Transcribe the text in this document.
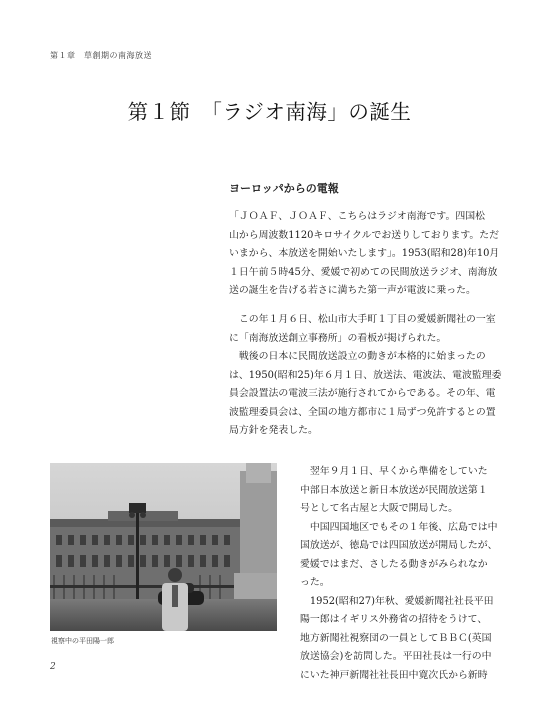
第１章　草創期の南海放送
第１節　「ラジオ南海」の誕生
ヨーロッパからの電報
「ＪＯＡＦ、ＪＯＡＦ、こちらはラジオ南海です。四国松
山から周波数1120キロサイクルでお送りしております。ただ
いまから、本放送を開始いたします」。1953(昭和28)年10月
１日午前５時45分、愛媛で初めての民間放送ラジオ、南海放
送の誕生を告げる若さに満ちた第一声が電波に乗った。
　この年１月６日、松山市大手町１丁目の愛媛新聞社の一室
に「南海放送創立事務所」の看板が掲げられた。
　戦後の日本に民間放送設立の動きが本格的に始まったの
は、1950(昭和25)年６月１日、放送法、電波法、電波監理委
員会設置法の電波三法が施行されてからである。その年、電
波監理委員会は、全国の地方都市に１局ずつ免許するとの置
局方針を発表した。
　翌年９月１日、早くから準備をしていた
中部日本放送と新日本放送が民間放送第１
号として名古屋と大阪で開局した。
　中国四国地区でもその１年後、広島では中
国放送が、徳島では四国放送が開局したが、
愛媛ではまだ、さしたる動きがみられなか
った。
　1952(昭和27)年秋、愛媛新聞社社長平田
陽一郎はイギリス外務省の招待をうけて、
地方新聞社視察団の一員としてＢＢＣ(英国
放送協会)を訪問した。平田社長は一行の中
にいた神戸新聞社社長田中寛次氏から新時
視察中の平田陽一郎
2
